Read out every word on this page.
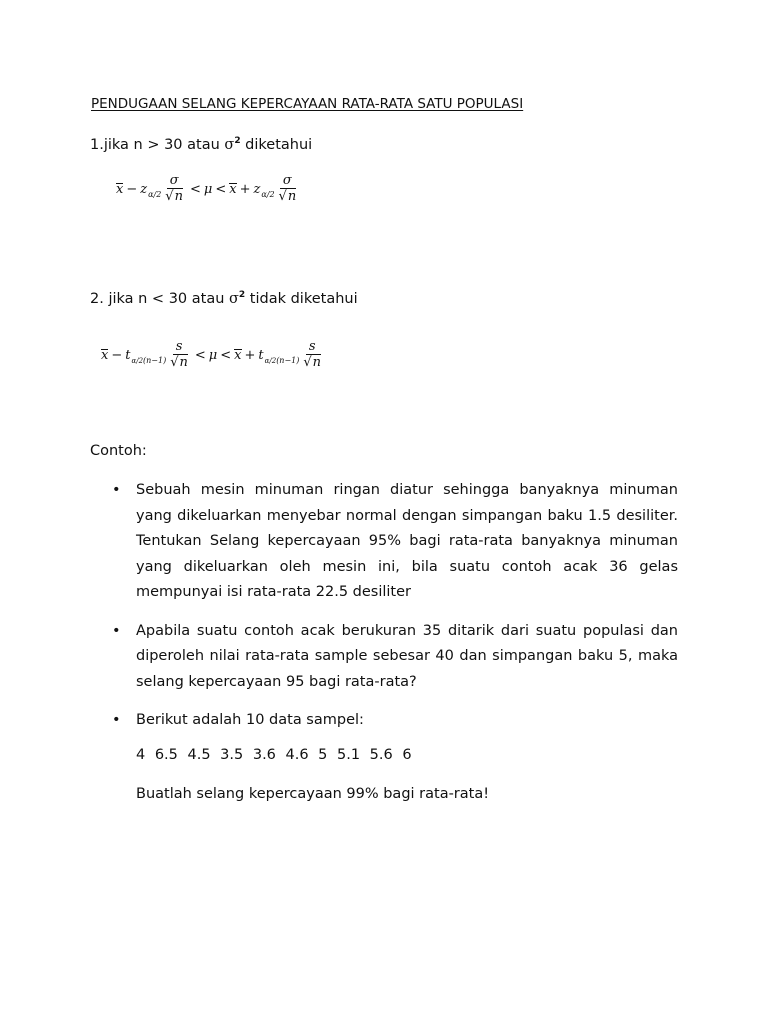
PENDUGAAN SELANG KEPERCAYAAN RATA-RATA SATU POPULASI
1.jika n > 30 atau $\sigma^2$ diketahui
x − z $\alpha/2 \frac{\sigma}{√n} < \mu < x + z$ $\alpha/2 \frac{\sigma}{√n}$
2. jika n < 30 atau $\sigma^2$ tidak diketahui
x − t $\alpha/2(n-1) \frac{s}{√n} < \mu < x + t$ $\alpha/2(n-1) \frac{s}{√n}$
Contoh:
• Sebuah mesin minuman ringan diatur sehingga banyaknya minuman yang dikeluarkan menyebar normal dengan simpangan baku 1.5 desiliter. Tentukan Selang kepercayaan 95% bagi rata-rata banyaknya minuman yang dikeluarkan oleh mesin ini, bila suatu contoh acak 36 gelas mempunyai isi rata-rata 22.5 desiliter
• Apabila suatu contoh acak berukuran 35 ditarik dari suatu populasi dan diperoleh nilai rata-rata sample sebesar 40 dan simpangan baku 5, maka selang kepercayaan 95 bagi rata-rata?
• Berikut adalah 10 data sampel:
4 6.5 4.5 3.5 3.6 4.6 5 5.1 5.6 6
Buatlah selang kepercayaan 99% bagi rata-rata!
